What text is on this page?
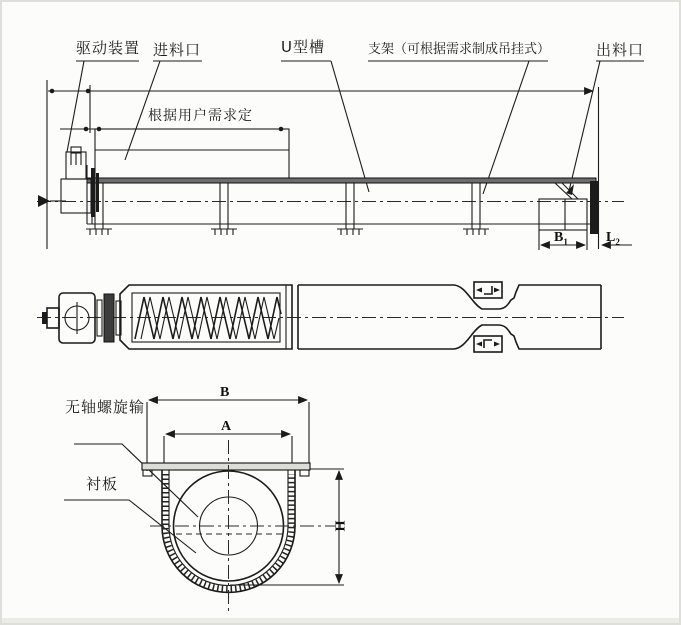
驱动装置 进料口	U型槽	支架（可根据需求制成吊挂式）	出料口
根据用户需求定
$B_1$	$L_2$
无轴螺旋输
衬板
B
A
H
